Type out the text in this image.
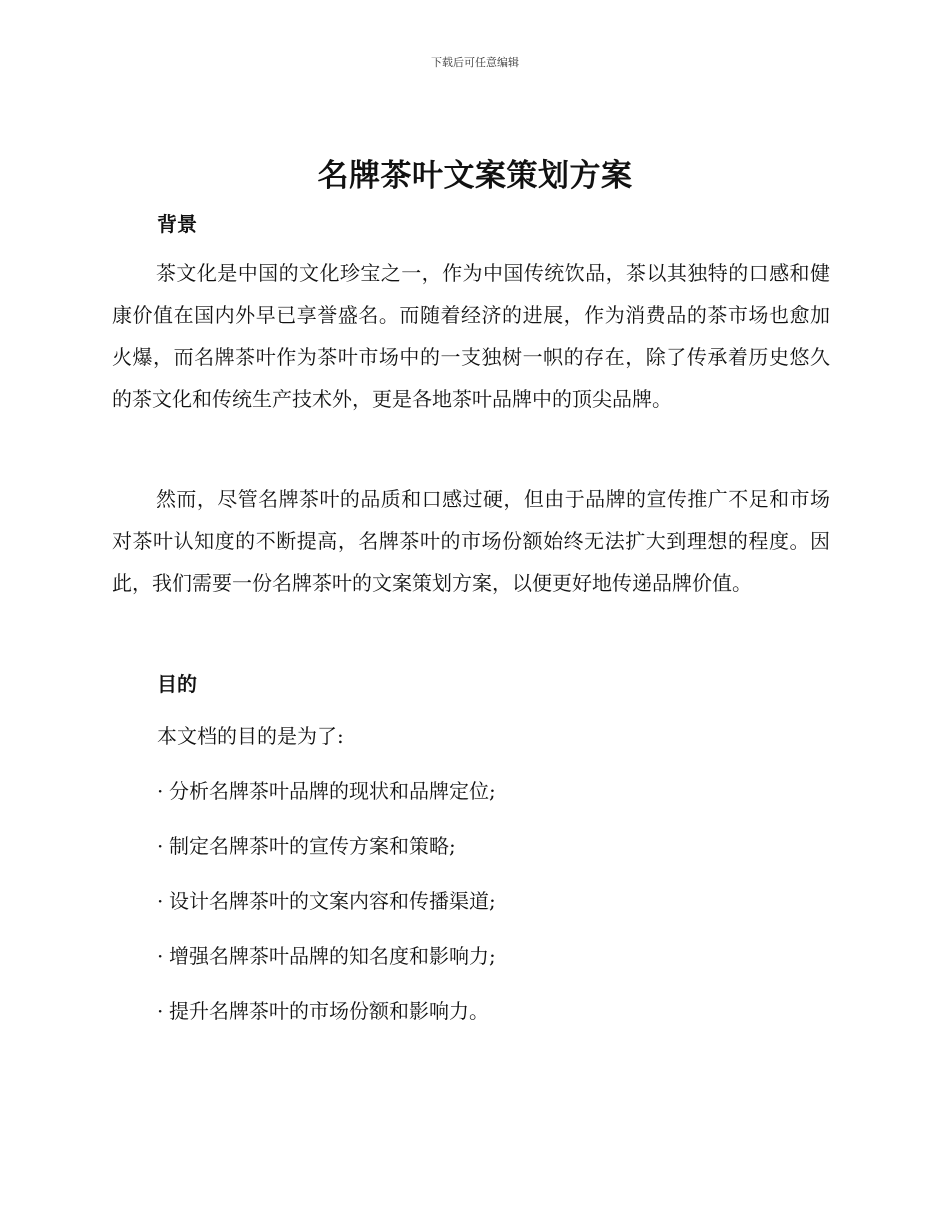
下载后可任意编辑
名牌茶叶文案策划方案
背景

茶文化是中国的文化珍宝之一，作为中国传统饮品，茶以其独特的口感和健康价值在国内外早已享誉盛名。而随着经济的进展，作为消费品的茶市场也愈加火爆，而名牌茶叶作为茶叶市场中的一支独树一帜的存在，除了传承着历史悠久的茶文化和传统生产技术外，更是各地茶叶品牌中的顶尖品牌。

然而，尽管名牌茶叶的品质和口感过硬，但由于品牌的宣传推广不足和市场对茶叶认知度的不断提高，名牌茶叶的市场份额始终无法扩大到理想的程度。因此，我们需要一份名牌茶叶的文案策划方案，以便更好地传递品牌价值。

目的

本文档的目的是为了:

· 分析名牌茶叶品牌的现状和品牌定位;

· 制定名牌茶叶的宣传方案和策略;

· 设计名牌茶叶的文案内容和传播渠道;

· 增强名牌茶叶品牌的知名度和影响力;

· 提升名牌茶叶的市场份额和影响力。
